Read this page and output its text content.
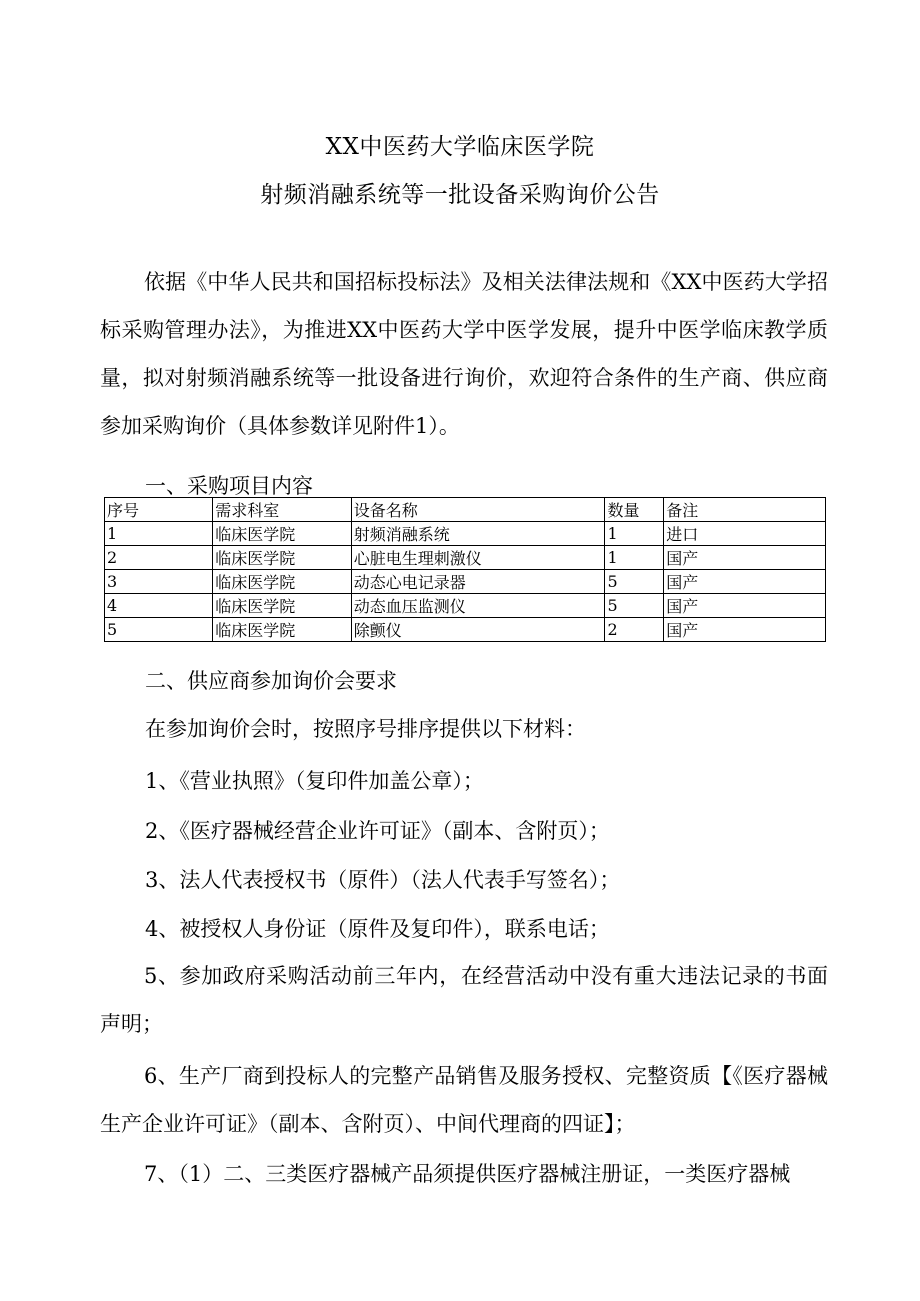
XX中医药大学临床医学院
射频消融系统等一批设备采购询价公告
依据《中华人民共和国招标投标法》及相关法律法规和《XX中医药大学招标采购管理办法》，为推进XX中医药大学中医学发展，提升中医学临床教学质量，拟对射频消融系统等一批设备进行询价，欢迎符合条件的生产商、供应商参加采购询价（具体参数详见附件1）。
一、采购项目内容
序号	需求科室	设备名称	数量	备注
1	临床医学院	射频消融系统	1	进口
2	临床医学院	心脏电生理刺激仪	1	国产
3	临床医学院	动态心电记录器	5	国产
4	临床医学院	动态血压监测仪	5	国产
5	临床医学院	除颤仪	2	国产
二、供应商参加询价会要求
在参加询价会时，按照序号排序提供以下材料：
1、《营业执照》（复印件加盖公章）；
2、《医疗器械经营企业许可证》（副本、含附页）；
3、法人代表授权书（原件）（法人代表手写签名）；
4、被授权人身份证（原件及复印件），联系电话；
5、参加政府采购活动前三年内，在经营活动中没有重大违法记录的书面声明；
6、生产厂商到投标人的完整产品销售及服务授权、完整资质【《医疗器械生产企业许可证》（副本、含附页）、中间代理商的四证】；
7、（1）二、三类医疗器械产品须提供医疗器械注册证，一类医疗器械
